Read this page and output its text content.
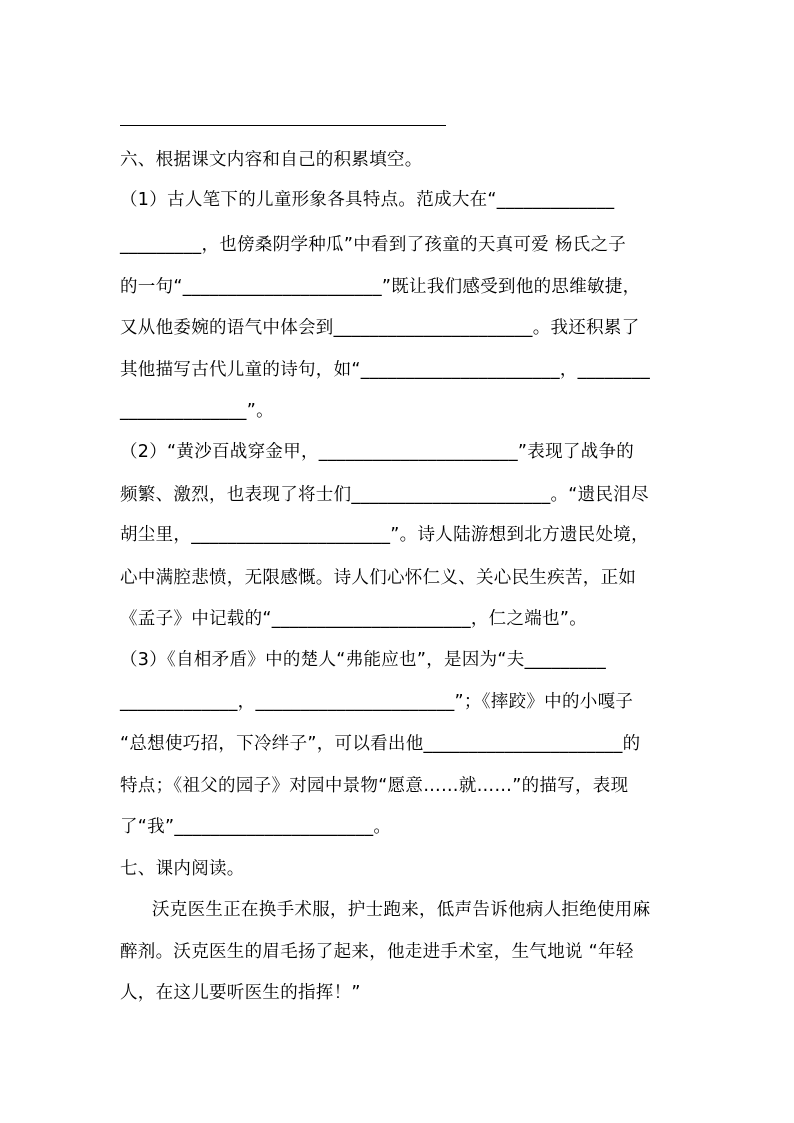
六、根据课文内容和自己的积累填空。
（1）古人笔下的儿童形象各具特点。范成大在“_____________
_________，也傍桑阴学种瓜”中看到了孩童的天真可爱 杨氏之子
的一句“______________________”既让我们感受到他的思维敏捷，
又从他委婉的语气中体会到______________________。我还积累了
其他描写古代儿童的诗句，如“______________________，________
______________”。
（2）“黄沙百战穿金甲，______________________”表现了战争的
频繁、激烈，也表现了将士们______________________。“遗民泪尽
胡尘里，______________________”。诗人陆游想到北方遗民处境，
心中满腔悲愤，无限感慨。诗人们心怀仁义、关心民生疾苦，正如
《孟子》中记载的“______________________，仁之端也”。
（3）《自相矛盾》中的楚人“弗能应也”，是因为“夫_________
_____________，______________________”；《摔跤》中的小嘎子
“总想使巧招，下冷绊子”，可以看出他______________________的
特点；《祖父的园子》对园中景物“愿意……就……”的描写，表现
了“我”______________________。
七、课内阅读。
沃克医生正在换手术服，护士跑来，低声告诉他病人拒绝使用麻
醉剂。沃克医生的眉毛扬了起来，他走进手术室，生气地说 “年轻
人，在这儿要听医生的指挥！”
